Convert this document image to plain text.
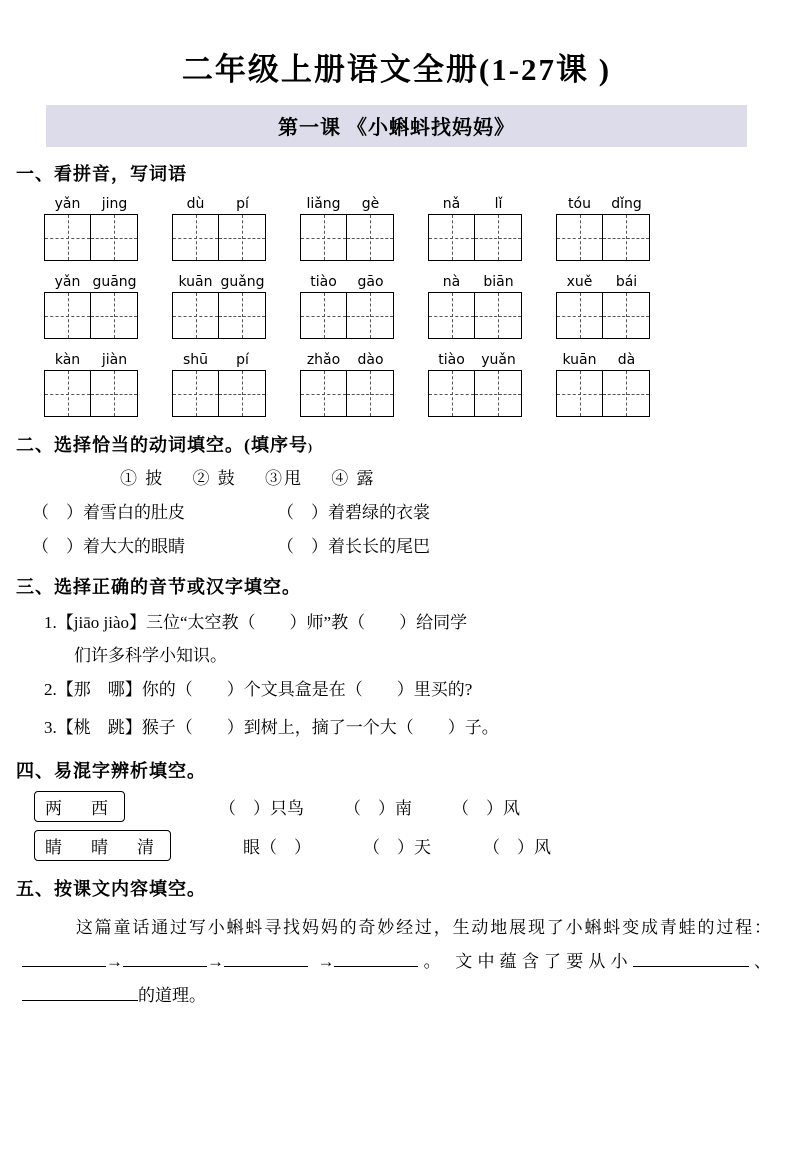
二年级上册语文全册(1-27课 )
第一课 《小蝌蚪找妈妈》
一、看拼音，写词语
yǎn	jing	dù	pí	liǎng	gè	nǎ	lǐ	tóu	dǐng
yǎn guāng	kuān guǎng	tiào	gāo	nà	biān	xuě	bái
kàn	jiàn	shū	pí	zhǎo	dào	tiào	yuǎn	kuān	dà
二、选择恰当的动词填空。(填序号)
① 披 ② 鼓 ③甩 ④ 露
（　）着雪白的肚皮	（　）着碧绿的衣裳
（　）着大大的眼睛	（　）着长长的尾巴
三、选择正确的音节或汉字填空。
1.【jiāo jiào】三位“太空教（　　）师”教（　　）给同学
们许多科学小知识。
2.【那　哪】你的（　　）个文具盒是在（　　）里买的?
3.【桃　跳】猴子（　　）到树上，摘了一个大（　　）子。
四、易混字辨析填空。
两　西	（　）只鸟 （　）南 （　）风
睛　晴　清	眼（　）	（　）天	（　）风
五、按课文内容填空。
这篇童话通过写小蝌蚪寻找妈妈的奇妙经过，生动地展现了小蝌蚪变成青蛙的过程：→	→	→	。 文中蕴含了要从小	、的道理。
